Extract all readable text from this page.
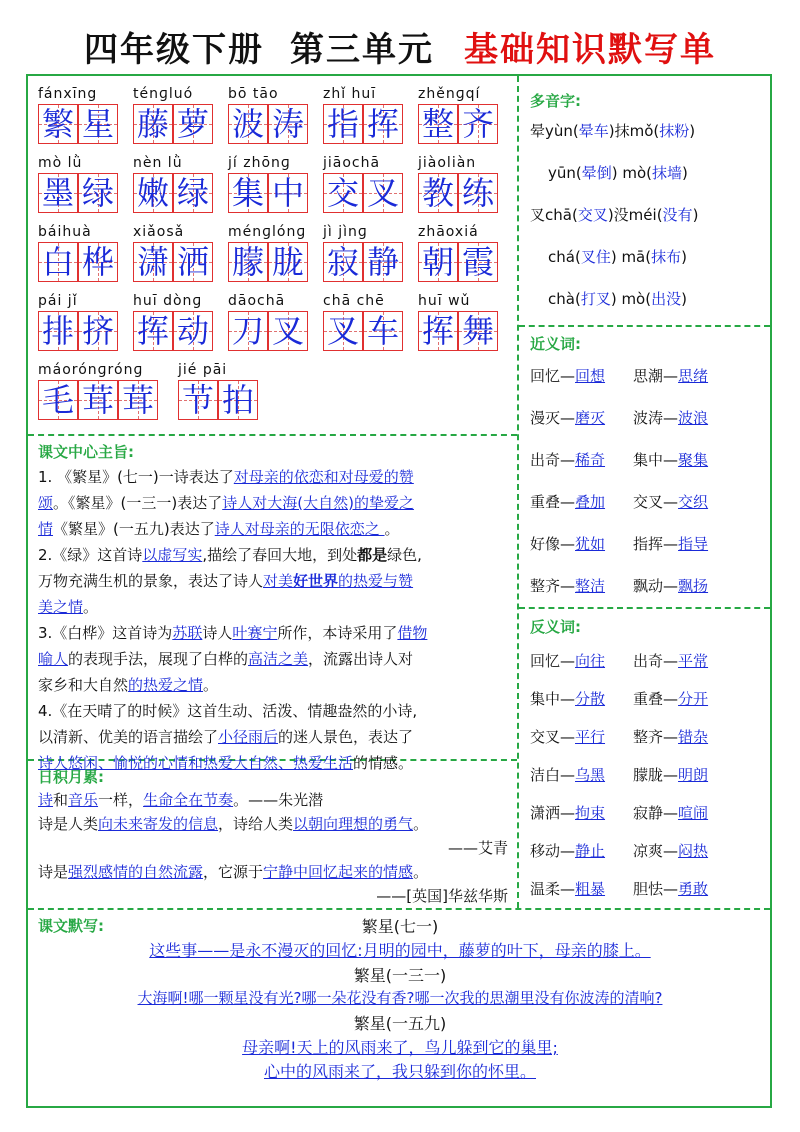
四年级下册 第三单元 基础知识默写单
fánxīng
繁 星
ténɡluó
藤 萝
bō tāo
波 涛
zhǐ huī
指 挥
zhěnɡqí
整 齐
mò lǜ
墨 绿
nèn lǜ
嫩 绿
jí zhōnɡ
集 中
jiāochā
交 叉
jiàoliàn
教 练
báihuà
白 桦
xiǎosǎ
潇 洒
ménɡlónɡ
朦 胧
jì jìnɡ
寂 静
zhāoxiá
朝 霞
pái jǐ
排 挤
huī dònɡ
挥 动
dāochā
刀 叉
chā chē
叉 车
huī wǔ
挥 舞
máorónɡrónɡ
毛 茸 茸
jié pāi
节 拍
多音字:
晕yùn(晕车)抹mǒ(抹粉)
yūn(晕倒) mò(抹墙)
叉chā(交叉)没méi(没有)
chá(叉住) mā(抹布)
chà(打叉) mò(出没)
近义词:
回忆—回想 思潮—思绪
漫灭—磨灭 波涛—波浪
出奇—稀奇 集中—聚集
重叠—叠加 交叉—交织
好像—犹如 指挥—指导
整齐—整洁 飘动—飘扬
反义词:
回忆—向往 出奇—平常
集中—分散 重叠—分开
交叉—平行 整齐—错杂
洁白—乌黑 朦胧—明朗
潇洒—拘束 寂静—喧闹
移动—静止 凉爽—闷热
温柔—粗暴 胆怯—勇敢
课文中心主旨:
1. 《繁星》(七一)一诗表达了对母亲的依恋和对母爱的赞
颂。《繁星》(一三一)表达了诗人对大海(大自然)的挚爱之
情《繁星》(一五九)表达了诗人对母亲的无限依恋之 。
2.《绿》这首诗以虚写实,描绘了春回大地，到处都是绿色,
万物充满生机的景象，表达了诗人对美好世界的热爱与赞
美之情。
3.《白桦》这首诗为苏联诗人叶赛宁所作，本诗采用了借物
喻人的表现手法，展现了白桦的高洁之美，流露出诗人对
家乡和大自然的热爱之情。
4.《在天晴了的时候》这首生动、活泼、情趣盎然的小诗,
以清新、优美的语言描绘了小径雨后的迷人景色，表达了
诗人悠闲、愉悦的心情和热爱大自然、热爱生活的情感。
日积月累:
诗和音乐一样，生命全在节奏。——朱光潜
诗是人类向未来寄发的信息，诗给人类以朝向理想的勇气。
——艾青
诗是强烈感情的自然流露，它源于宁静中回忆起来的情感。
——[英国]华兹华斯
课文默写:	繁星(七一)
这些事——是永不漫灭的回忆:月明的园中，藤萝的叶下，母亲的膝上。
繁星(一三一)
大海啊!哪一颗星没有光?哪一朵花没有香?哪一次我的思潮里没有你波涛的清响?
繁星(一五九)
母亲啊!天上的风雨来了，鸟儿躲到它的巢里;
心中的风雨来了，我只躲到你的怀里。
